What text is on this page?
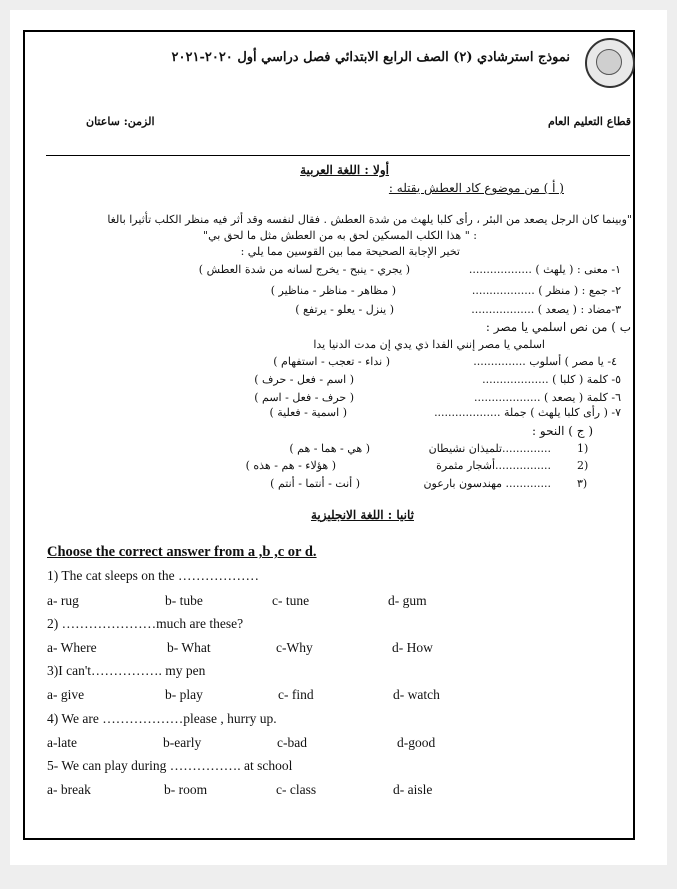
نموذج استرشادي (٢) الصف الرابع الابتدائي فصل دراسي أول ٢٠٢٠-٢٠٢١
قطاع التعليم العام
الزمن: ساعتان
أولا : اللغة العربية
( أ ) من موضوع كاد العطش يقتله :
"وبينما كان الرجل يصعد من البئر ، رأى كلبا يلهث من شدة العطش . فقال لنفسه وقد أثر فيه منظر الكلب تأثيرا بالغا
: " هذا الكلب المسكين لحق به من العطش مثل ما لحق بي"
تخير الإجابة الصحيحة مما بين القوسين مما يلي :
١- معنى : ( يلهث ) ..................
( يجري - ينبح - يخرج لسانه من شدة العطش )
٢- جمع : ( منظر ) ..................
( مظاهر - مناظر - مناظير )
٣-مضاد : ( يصعد ) ..................
( ينزل - يعلو - يرتفع )
ب ) من نص اسلمي يا مصر :
اسلمي يا مصر إنني الفدا ذي يدي إن مدت الدنيا يدا
٤- يا مصر ) أسلوب ...............
( نداء - تعجب - استفهام )
٥- كلمة ( كلبا ) ...................
( اسم - فعل - حرف )
٦- كلمة ( يصعد ) ...................
( حرف - فعل - اسم )
٧- ( رأى كلبا يلهث ) جملة ...................
( اسمية - فعلية )
( ج ) النحو :
1)
..............تلميذان نشيطان
( هي - هما - هم )
2)
................أشجار مثمرة
( هؤلاء - هم - هذه )
٣)
............. مهندسون بارعون
( أنت - أنتما - أنتم )
ثانيا : اللغة الانجليزية
Choose the correct answer from a ,b ,c or d.
1) The cat sleeps on the ………………
a- rug	b- tube	c- tune	d- gum
2) …………………much are these?
a- Where	b- What	c-Why	d- How
3)I can't……………. my pen
a- give	b- play	c- find	d- watch
4) We are ………………please , hurry up.
a-late	b-early	c-bad	d-good
5- We can play during ……………. at school
a- break	b- room	c- class	d- aisle
